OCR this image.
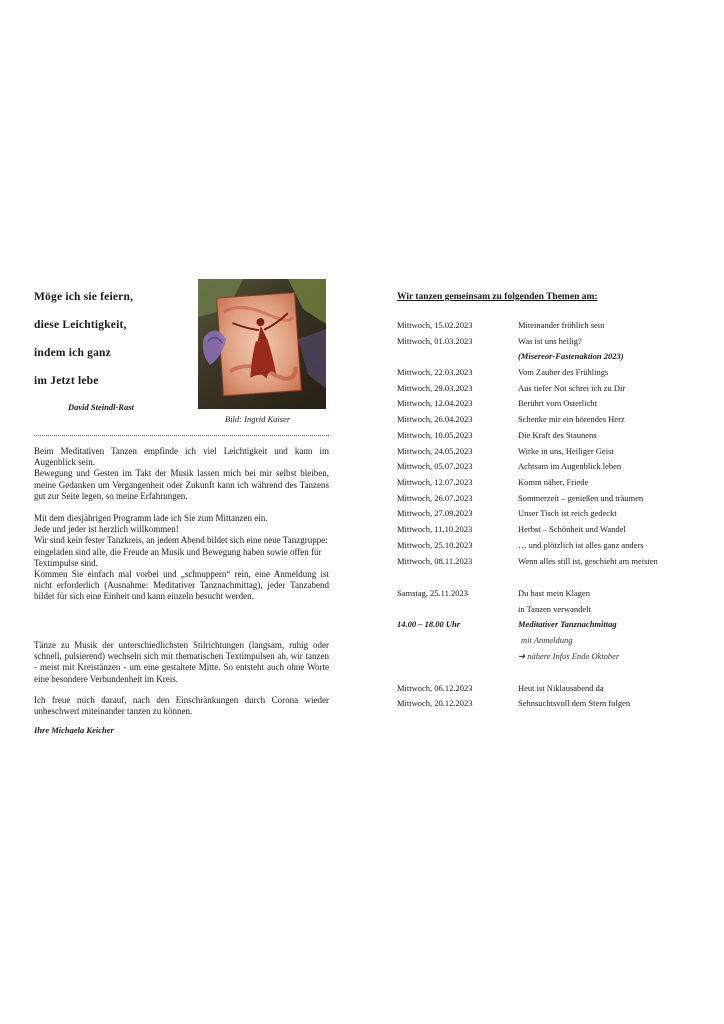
Möge ich sie feiern,
diese Leichtigkeit,
indem ich ganz
im Jetzt lebe
David Steindl-Rast
Bild: Ingrid Kaiser

Beim Meditativen Tanzen empfinde ich viel Leichtigkeit und kann im Augenblick sein.

Bewegung und Gesten im Takt der Musik lassen mich bei mir selbst bleiben, meine Gedanken um Vergangenheit oder Zukunft kann ich während des Tanzens gut zur Seite legen, so meine Erfahrungen.

Mit dem diesjährigen Programm lade ich Sie zum Mittanzen ein.

Jede und jeder ist herzlich willkommen!

Wir sind kein fester Tanzkreis, an jedem Abend bildet sich eine neue Tanzgruppe:

eingeladen sind alle, die Freude an Musik und Bewegung haben sowie offen für Textimpulse sind.

Kommen Sie einfach mal vorbei und „schnuppern“ rein, eine Anmeldung ist nicht erforderlich (Ausnahme: Meditativer Tanznachmittag), jeder Tanzabend bildet für sich eine Einheit und kann einzeln besucht werden.

Tänze zu Musik der unterschiedlichsten Stilrichtungen (langsam, ruhig oder schnell, pulsierend) wechseln sich mit thematischen Textimpulsen ab, wir tanzen - meist mit Kreistänzen - um eine gestaltete Mitte. So entsteht auch ohne Worte eine besondere Verbundenheit im Kreis.
Ich freue mich darauf, nach den Einschränkungen durch Corona wieder unbeschwert miteinander tanzen zu können.
Ihre Michaela Keicher
Wir tanzen gemeinsam zu folgenden Themen am:
Mittwoch, 15.02.2023	Miteinander fröhlich sein
Mittwoch, 01.03.2023	Was ist uns heilig?
(Misereor-Fastenaktion 2023)
Mittwoch, 22.03.2023	Vom Zauber des Frühlings
Mittwoch, 29.03.2023	Aus tiefer Not schrei ich zu Dir
Mittwoch, 12.04.2023	Berührt vom Osterlicht
Mittwoch, 26.04.2023	Schenke mir ein hörendes Herz
Mittwoch, 10.05.2023	Die Kraft des Staunens
Mittwoch, 24.05.2023	Wirke in uns, Heiliger Geist
Mittwoch, 05.07.2023	Achtsam im Augenblick leben
Mittwoch, 12.07.2023	Komm näher, Friede
Mittwoch, 26.07.2023	Sommerzeit – genießen und träumen
Mittwoch, 27.09.2023	Unser Tisch ist reich gedeckt
Mittwoch, 11.10.2023	Herbst – Schönheit und Wandel
Mittwoch, 25.10.2023	… und plötzlich ist alles ganz anders
Mittwoch, 08.11.2023	Wenn alles still ist, geschieht am meisten
Samstag, 25.11.2023	Du hast mein Klagen
in Tanzen verwandelt
14.00 – 18.00 Uhr	Meditativer Tanznachmittag
mit Anmeldung
➔ nähere Infos Ende Oktober
Mittwoch, 06.12.2023	Heut ist Niklausabend da
Mittwoch, 20.12.2023	Sehnsuchtsvoll dem Stern folgen
